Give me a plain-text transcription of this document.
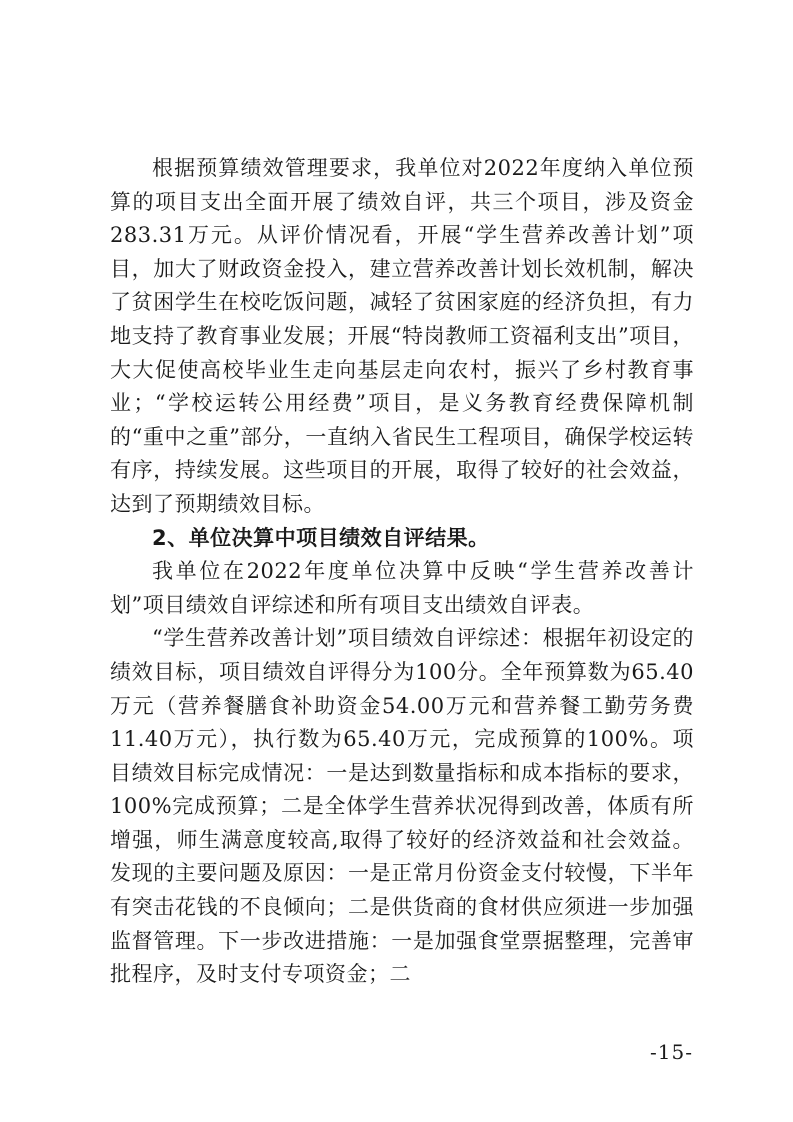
根据预算绩效管理要求，我单位对2022年度纳入单位预算的项目支出全面开展了绩效自评，共三个项目，涉及资金283.31万元。从评价情况看，开展“学生营养改善计划”项目，加大了财政资金投入，建立营养改善计划长效机制，解决了贫困学生在校吃饭问题，减轻了贫困家庭的经济负担，有力地支持了教育事业发展；开展“特岗教师工资福利支出”项目，大大促使高校毕业生走向基层走向农村，振兴了乡村教育事业；“学校运转公用经费”项目，是义务教育经费保障机制的“重中之重”部分，一直纳入省民生工程项目，确保学校运转有序，持续发展。这些项目的开展，取得了较好的社会效益，达到了预期绩效目标。

2、单位决算中项目绩效自评结果。

我单位在2022年度单位决算中反映“学生营养改善计划”项目绩效自评综述和所有项目支出绩效自评表。

“学生营养改善计划”项目绩效自评综述：根据年初设定的绩效目标，项目绩效自评得分为100分。全年预算数为65.40万元（营养餐膳食补助资金54.00万元和营养餐工勤劳务费11.40万元），执行数为65.40万元，完成预算的100%。项目绩效目标完成情况：一是达到数量指标和成本指标的要求，100%完成预算；二是全体学生营养状况得到改善，体质有所增强，师生满意度较高,取得了较好的经济效益和社会效益。发现的主要问题及原因：一是正常月份资金支付较慢，下半年有突击花钱的不良倾向；二是供货商的食材供应须进一步加强监督管理。下一步改进措施：一是加强食堂票据整理，完善审批程序，及时支付专项资金；二

-15-
